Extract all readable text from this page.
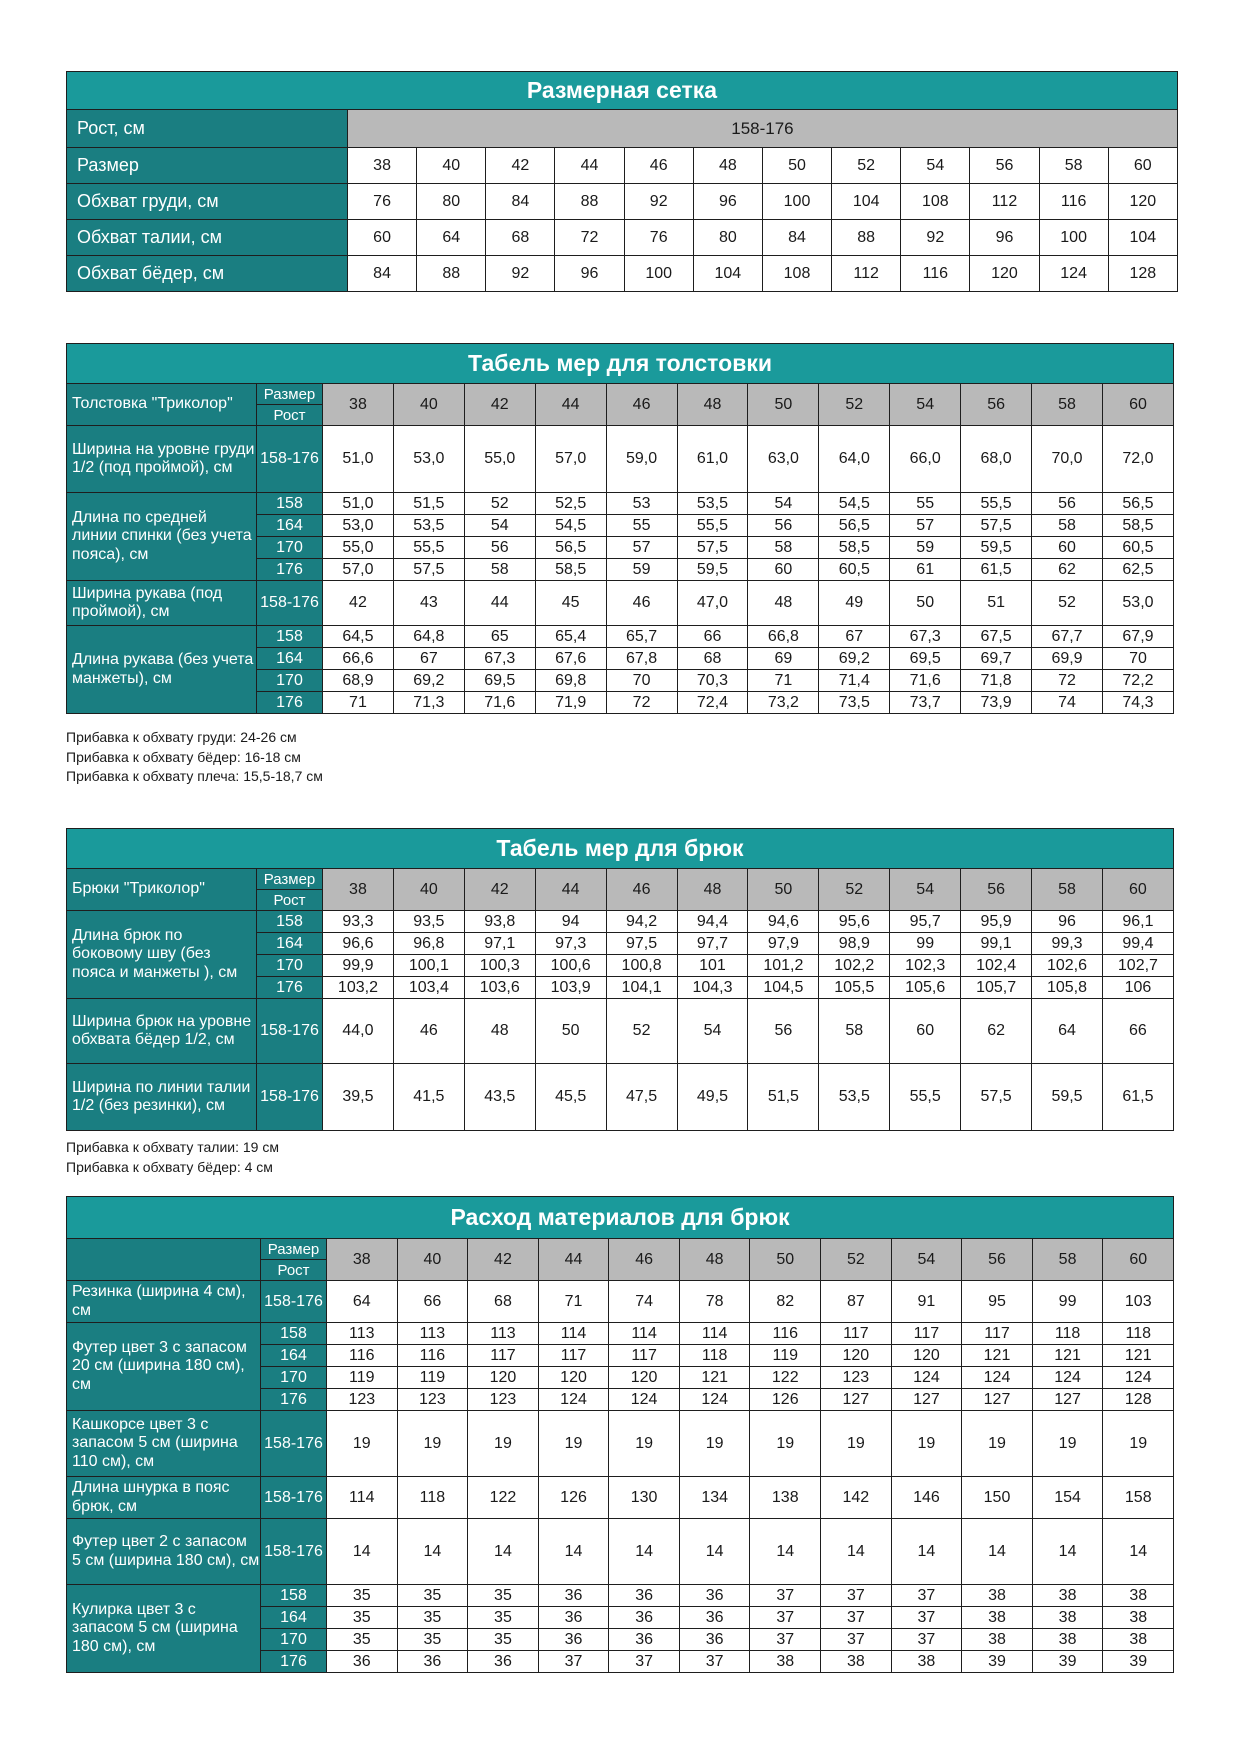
Размерная сетка												
Рост, см	158-176											
Размер	38	40	42	44	46	48	50	52	54	56	58	60
Обхват груди, см	76	80	84	88	92	96	100	104	108	112	116	120
Обхват талии, см	60	64	68	72	76	80	84	88	92	96	100	104
Обхват бёдер, см	84	88	92	96	100	104	108	112	116	120	124	128
Табель мер для толстовки													
Толстовка "Триколор"	Размер	38	40	42	44	46	48	50	52	54	56	58	60
	Рост												
Ширина на уровне груди 1/2 (под проймой), см	158-176	51,0	53,0	55,0	57,0	59,0	61,0	63,0	64,0	66,0	68,0	70,0	72,0
Длина по средней линии спинки (без учета пояса), см	158	51,0	51,5	52	52,5	53	53,5	54	54,5	55	55,5	56	56,5
	164	53,0	53,5	54	54,5	55	55,5	56	56,5	57	57,5	58	58,5
	170	55,0	55,5	56	56,5	57	57,5	58	58,5	59	59,5	60	60,5
	176	57,0	57,5	58	58,5	59	59,5	60	60,5	61	61,5	62	62,5
Ширина рукава (под проймой), см	158-176	42	43	44	45	46	47,0	48	49	50	51	52	53,0
Длина рукава (без учета манжеты), см	158	64,5	64,8	65	65,4	65,7	66	66,8	67	67,3	67,5	67,7	67,9
	164	66,6	67	67,3	67,6	67,8	68	69	69,2	69,5	69,7	69,9	70
	170	68,9	69,2	69,5	69,8	70	70,3	71	71,4	71,6	71,8	72	72,2
	176	71	71,3	71,6	71,9	72	72,4	73,2	73,5	73,7	73,9	74	74,3
Прибавка к обхвату груди: 24-26 см
Прибавка к обхвату бёдер: 16-18 см
Прибавка к обхвату плеча: 15,5-18,7 см
Табель мер для брюк													
Брюки "Триколор"	Размер	38	40	42	44	46	48	50	52	54	56	58	60
	Рост												
Длина брюк по боковому шву (без пояса и манжеты ), см	158	93,3	93,5	93,8	94	94,2	94,4	94,6	95,6	95,7	95,9	96	96,1
	164	96,6	96,8	97,1	97,3	97,5	97,7	97,9	98,9	99	99,1	99,3	99,4
	170	99,9	100,1	100,3	100,6	100,8	101	101,2	102,2	102,3	102,4	102,6	102,7
	176	103,2	103,4	103,6	103,9	104,1	104,3	104,5	105,5	105,6	105,7	105,8	106
Ширина брюк на уровне обхвата бёдер 1/2, см	158-176	44,0	46	48	50	52	54	56	58	60	62	64	66
Ширина по линии талии 1/2 (без резинки), см	158-176	39,5	41,5	43,5	45,5	47,5	49,5	51,5	53,5	55,5	57,5	59,5	61,5
Прибавка к обхвату талии: 19 см
Прибавка к обхвату бёдер: 4 см
Расход материалов для брюк													
	Размер	38	40	42	44	46	48	50	52	54	56	58	60
	Рост												
Резинка (ширина 4 см), см	158-176	64	66	68	71	74	78	82	87	91	95	99	103
Футер цвет 3 с запасом 20 см (ширина 180 см), см	158	113	113	113	114	114	114	116	117	117	117	118	118
	164	116	116	117	117	117	118	119	120	120	121	121	121
	170	119	119	120	120	120	121	122	123	124	124	124	124
	176	123	123	123	124	124	124	126	127	127	127	127	128
Кашкорсе цвет 3 с запасом 5 см (ширина 110 см), см	158-176	19	19	19	19	19	19	19	19	19	19	19	19
Длина шнурка в пояс брюк, см	158-176	114	118	122	126	130	134	138	142	146	150	154	158
Футер цвет 2 с запасом 5 см (ширина 180 см), см	158-176	14	14	14	14	14	14	14	14	14	14	14	14
Кулирка цвет 3 с запасом 5 см (ширина 180 см), см	158	35	35	35	36	36	36	37	37	37	38	38	38
	164	35	35	35	36	36	36	37	37	37	38	38	38
	170	35	35	35	36	36	36	37	37	37	38	38	38
	176	36	36	36	37	37	37	38	38	38	39	39	39
